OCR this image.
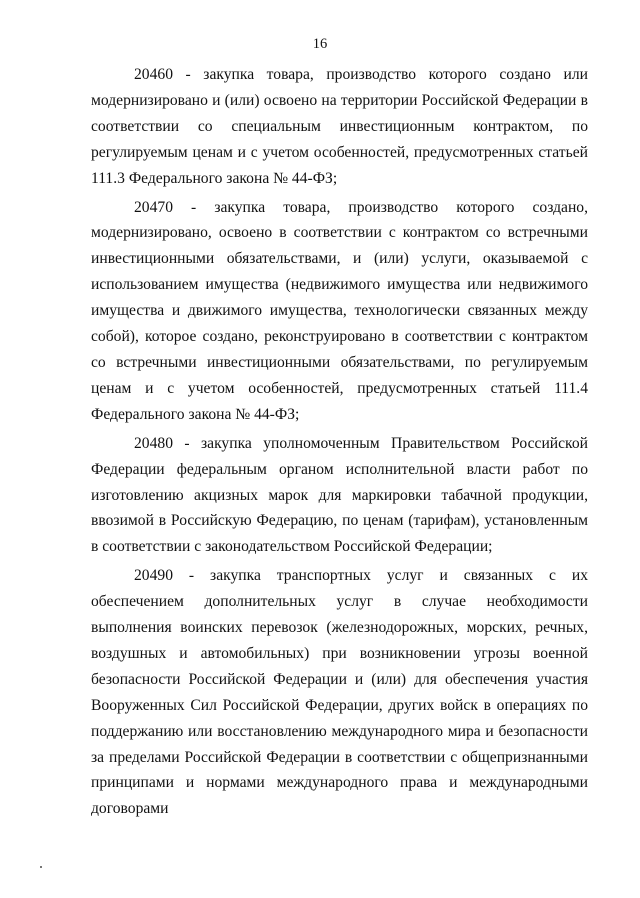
16

20460 - закупка товара, производство которого создано или модернизировано и (или) освоено на территории Российской Федерации в соответствии со специальным инвестиционным контрактом, по регулируемым ценам и с учетом особенностей, предусмотренных статьей 111.3 Федерального закона № 44-ФЗ;

20470 - закупка товара, производство которого создано, модернизировано, освоено в соответствии с контрактом со встречными инвестиционными обязательствами, и (или) услуги, оказываемой с использованием имущества (недвижимого имущества или недвижимого имущества и движимого имущества, технологически связанных между собой), которое создано, реконструировано в соответствии с контрактом со встречными инвестиционными обязательствами, по регулируемым ценам и с учетом особенностей, предусмотренных статьей 111.4 Федерального закона № 44-ФЗ;

20480 - закупка уполномоченным Правительством Российской Федерации федеральным органом исполнительной власти работ по изготовлению акцизных марок для маркировки табачной продукции, ввозимой в Российскую Федерацию, по ценам (тарифам), установленным в соответствии с законодательством Российской Федерации;

20490 - закупка транспортных услуг и связанных с их обеспечением дополнительных услуг в случае необходимости выполнения воинских перевозок (железнодорожных, морских, речных, воздушных и автомобильных) при возникновении угрозы военной безопасности Российской Федерации и (или) для обеспечения участия Вооруженных Сил Российской Федерации, других войск в операциях по поддержанию или восстановлению международного мира и безопасности за пределами Российской Федерации в соответствии с общепризнанными принципами и нормами международного права и международными договорами
